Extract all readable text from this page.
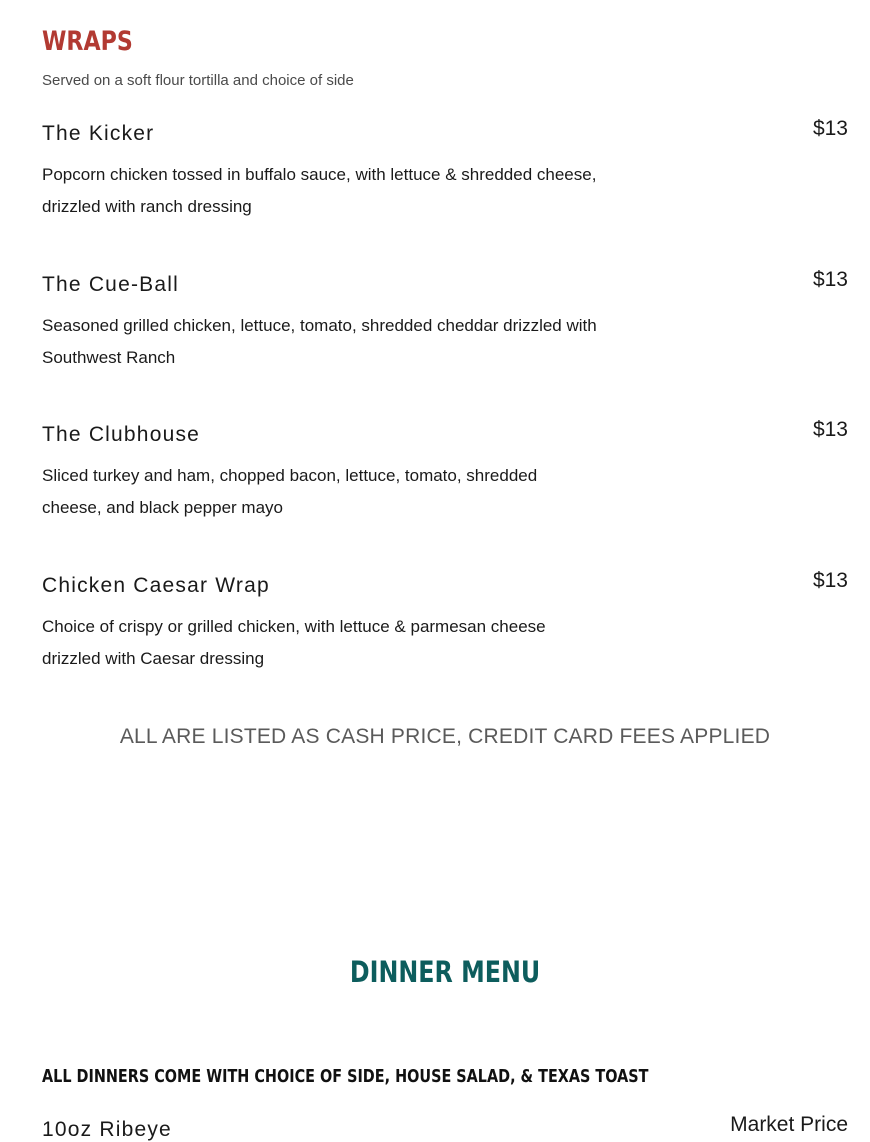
WRAPS
Served on a soft flour tortilla and choice of side
The Kicker	$13
Popcorn chicken tossed in buffalo sauce, with lettuce & shredded cheese, drizzled with ranch dressing
The Cue-Ball	$13
Seasoned grilled chicken, lettuce, tomato, shredded cheddar drizzled with Southwest Ranch
The Clubhouse	$13
Sliced turkey and ham, chopped bacon, lettuce, tomato, shredded cheese, and black pepper mayo
Chicken Caesar Wrap	$13
Choice of crispy or grilled chicken, with lettuce & parmesan cheese drizzled with Caesar dressing
ALL ARE LISTED AS CASH PRICE, CREDIT CARD FEES APPLIED
DINNER MENU
ALL DINNERS COME WITH CHOICE OF SIDE, HOUSE SALAD, & TEXAS TOAST
10oz Ribeye	Market Price
